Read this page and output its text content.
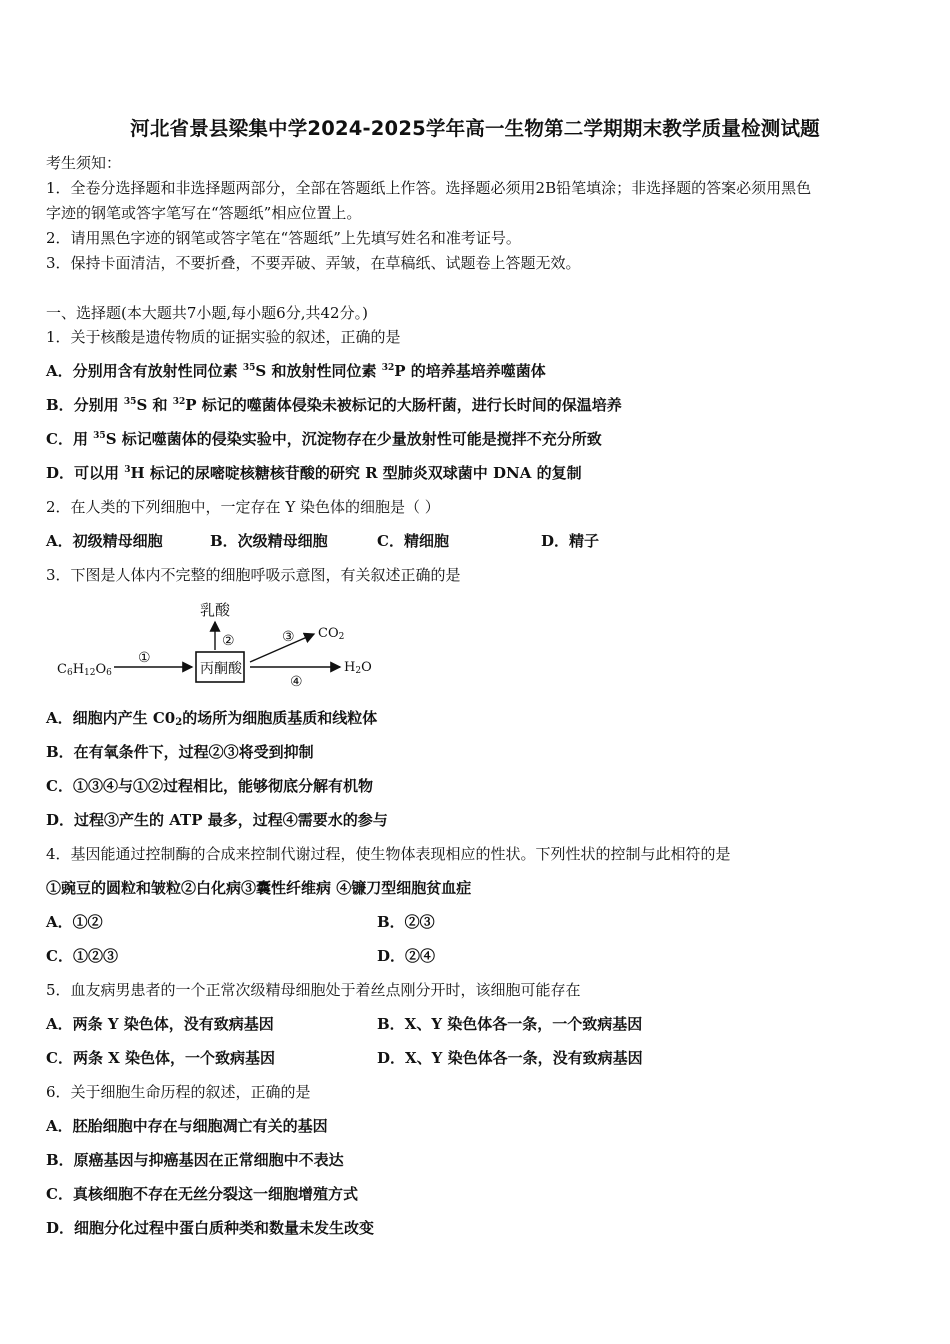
河北省景县梁集中学2024-2025学年高一生物第二学期期末教学质量检测试题
考生须知：
1．全卷分选择题和非选择题两部分，全部在答题纸上作答。选择题必须用2B铅笔填涂；非选择题的答案必须用黑色
字迹的钢笔或答字笔写在“答题纸”相应位置上。
2．请用黑色字迹的钢笔或答字笔在“答题纸”上先填写姓名和准考证号。
3．保持卡面清洁，不要折叠，不要弄破、弄皱，在草稿纸、试题卷上答题无效。
一、选择题(本大题共7小题,每小题6分,共42分。)
1．关于核酸是遗传物质的证据实验的叙述，正确的是
A．分别用含有放射性同位素 $^{35}$S 和放射性同位素 $^{32}$P 的培养基培养噬菌体
B．分别用 $^{35}$S 和 $^{32}$P 标记的噬菌体侵染未被标记的大肠杆菌，进行长时间的保温培养
C．用 $^{35}$S 标记噬菌体的侵染实验中，沉淀物存在少量放射性可能是搅拌不充分所致
D．可以用 $^3$H 标记的尿嘧啶核糖核苷酸的研究 R 型肺炎双球菌中 DNA 的复制
2．在人类的下列细胞中，一定存在 Y 染色体的细胞是（ ）
A．初级精母细胞	B．次级精母细胞	C．精细胞	D．精子
3．下图是人体内不完整的细胞呼吸示意图，有关叙述正确的是
乳酸
②
C6H12O6
①
丙酮酸
③ CO2
④
H2O
A．细胞内产生 $C0_2$的场所为细胞质基质和线粒体
B．在有氧条件下，过程②③将受到抑制
C．①③④与①②过程相比，能够彻底分解有机物
D．过程③产生的 ATP 最多，过程④需要水的参与
4．基因能通过控制酶的合成来控制代谢过程，使生物体表现相应的性状。下列性状的控制与此相符的是
①豌豆的圆粒和皱粒②白化病③囊性纤维病 ④镰刀型细胞贫血症
A．①②	B．②③
C．①②③	D．②④
5．血友病男患者的一个正常次级精母细胞处于着丝点刚分开时，该细胞可能存在
A．两条 Y 染色体，没有致病基因	B．X、Y 染色体各一条，一个致病基因
C．两条 X 染色体，一个致病基因	D．X、Y 染色体各一条，没有致病基因
6．关于细胞生命历程的叙述，正确的是
A．胚胎细胞中存在与细胞凋亡有关的基因
B．原癌基因与抑癌基因在正常细胞中不表达
C．真核细胞不存在无丝分裂这一细胞增殖方式
D．细胞分化过程中蛋白质种类和数量未发生改变
